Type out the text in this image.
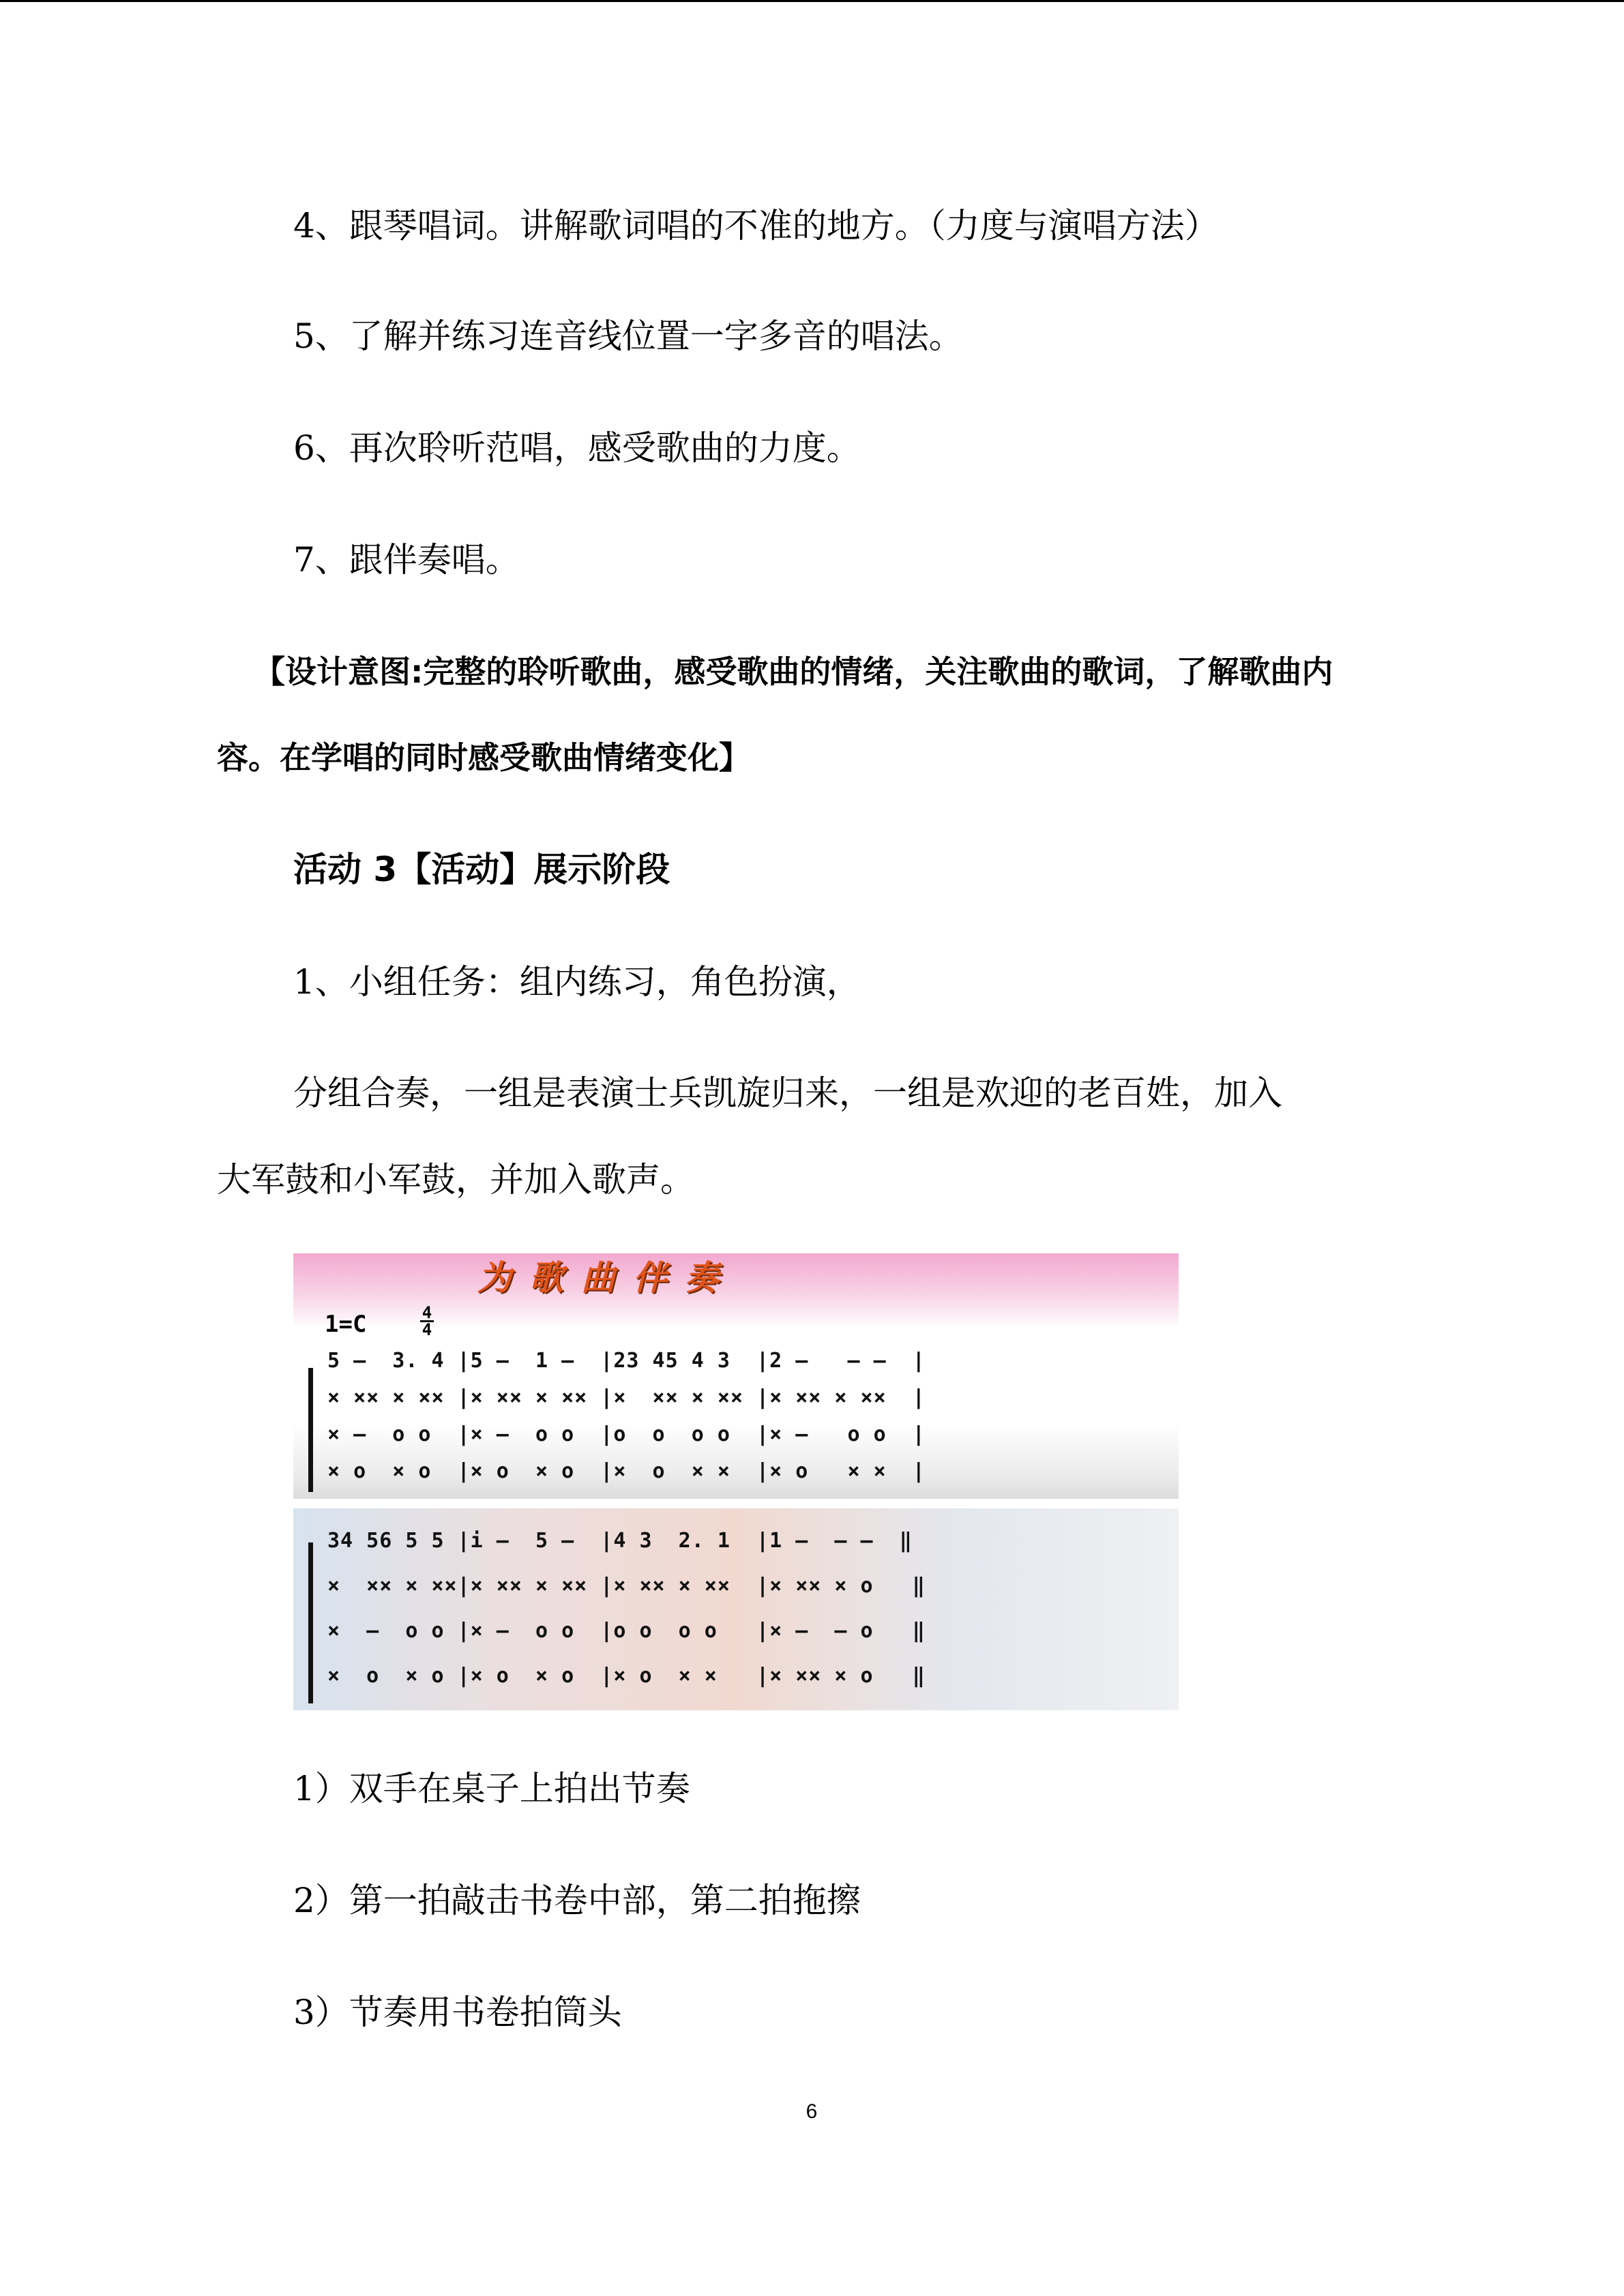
4、跟琴唱词。讲解歌词唱的不准的地方。（力度与演唱方法）
5、了解并练习连音线位置一字多音的唱法。
6、再次聆听范唱，感受歌曲的力度。
7、跟伴奏唱。
【设计意图:完整的聆听歌曲，感受歌曲的情绪，关注歌曲的歌词，了解歌曲内
容。在学唱的同时感受歌曲情绪变化】
活动 3【活动】展示阶段
1、小组任务：组内练习，角色扮演，
分组合奏，一组是表演士兵凯旋归来，一组是欢迎的老百姓，加入
大军鼓和小军鼓，并加入歌声。
为歌曲伴奏
1=C	4
4
5 –  3. 4 |5 –  1 –  |23 45 4 3  |2 –   – –  |
× ×× × ×× |× ×× × ×× |×  ×× × ×× |× ×× × ××  |
× –  o o  |× –  o o  |o  o  o o  |× –   o o  |
× o  × o  |× o  × o  |×  o  × ×  |× o   × ×  |
34 56 5 5 |i –  5 –  |4 3  2. 1  |1 –  – –  ‖
×  ×× × ××|× ×× × ×× |× ×× × ××  |× ×× × o   ‖
×  –  o o |× –  o o  |o o  o o   |× –  – o   ‖
×  o  × o |× o  × o  |× o  × ×   |× ×× × o   ‖
1）双手在桌子上拍出节奏
2）第一拍敲击书卷中部，第二拍拖擦
3）节奏用书卷拍筒头
6
